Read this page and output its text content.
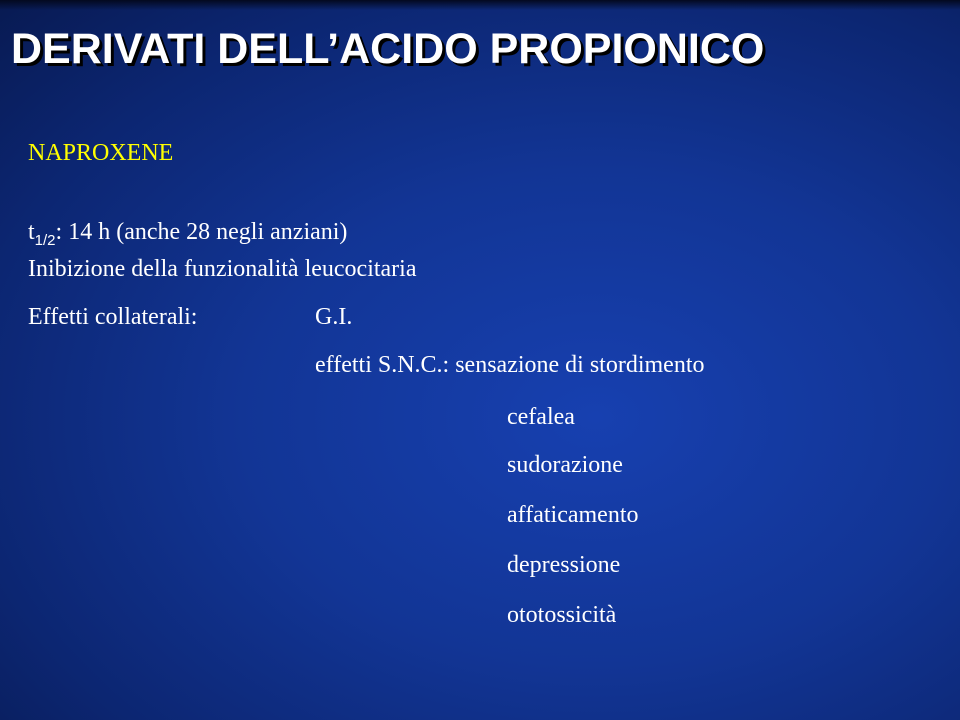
DERIVATI DELL’ACIDO PROPIONICO

NAPROXENE

$t_{1/2}$: 14 h (anche 28 negli anziani)

Inibizione della funzionalità leucocitaria

Effetti collaterali:	G.I.

effetti S.N.C.: sensazione di stordimento

cefalea

sudorazione

affaticamento

depressione

ototossicità
